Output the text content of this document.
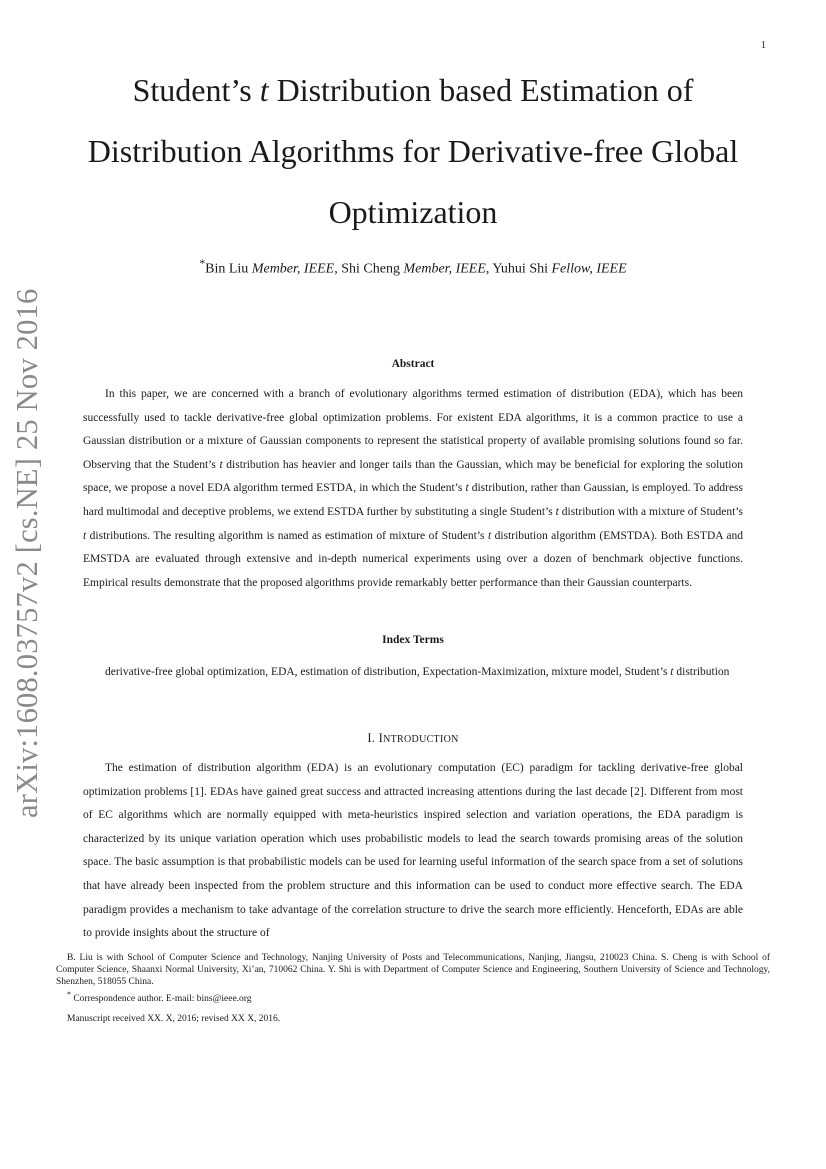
1
arXiv:1608.03757v2 [cs.NE] 25 Nov 2016
Student’s t Distribution based Estimation of
Distribution Algorithms for Derivative-free Global
Optimization
*Bin Liu Member, IEEE, Shi Cheng Member, IEEE, Yuhui Shi Fellow, IEEE
Abstract

In this paper, we are concerned with a branch of evolutionary algorithms termed estimation of distribution (EDA), which has been successfully used to tackle derivative-free global optimization problems. For existent EDA algorithms, it is a common practice to use a Gaussian distribution or a mixture of Gaussian components to represent the statistical property of available promising solutions found so far. Observing that the Student’s t distribution has heavier and longer tails than the Gaussian, which may be beneficial for exploring the solution space, we propose a novel EDA algorithm termed ESTDA, in which the Student’s t distribution, rather than Gaussian, is employed. To address hard multimodal and deceptive problems, we extend ESTDA further by substituting a single Student’s t distribution with a mixture of Student’s t distributions. The resulting algorithm is named as estimation of mixture of Student’s t distribution algorithm (EMSTDA). Both ESTDA and EMSTDA are evaluated through extensive and in-depth numerical experiments using over a dozen of benchmark objective functions. Empirical results demonstrate that the proposed algorithms provide remarkably better performance than their Gaussian counterparts.

Index Terms

derivative-free global optimization, EDA, estimation of distribution, Expectation-Maximization, mixture model, Student’s t distribution

I. INTRODUCTION

The estimation of distribution algorithm (EDA) is an evolutionary computation (EC) paradigm for tackling derivative-free global optimization problems [1]. EDAs have gained great success and attracted increasing attentions during the last decade [2]. Different from most of EC algorithms which are normally equipped with meta-heuristics inspired selection and variation operations, the EDA paradigm is characterized by its unique variation operation which uses probabilistic models to lead the search towards promising areas of the solution space. The basic assumption is that probabilistic models can be used for learning useful information of the search space from a set of solutions that have already been inspected from the problem structure and this information can be used to conduct more effective search. The EDA paradigm provides a mechanism to take advantage of the correlation structure to drive the search more efficiently. Henceforth, EDAs are able to provide insights about the structure of

B. Liu is with School of Computer Science and Technology, Nanjing University of Posts and Telecommunications, Nanjing, Jiangsu, 210023 China. S. Cheng is with School of Computer Science, Shaanxi Normal University, Xi’an, 710062 China. Y. Shi is with Department of Computer Science and Engineering, Southern University of Science and Technology, Shenzhen, 518055 China.

* Correspondence author. E-mail: bins@ieee.org

Manuscript received XX. X, 2016; revised XX X, 2016.
